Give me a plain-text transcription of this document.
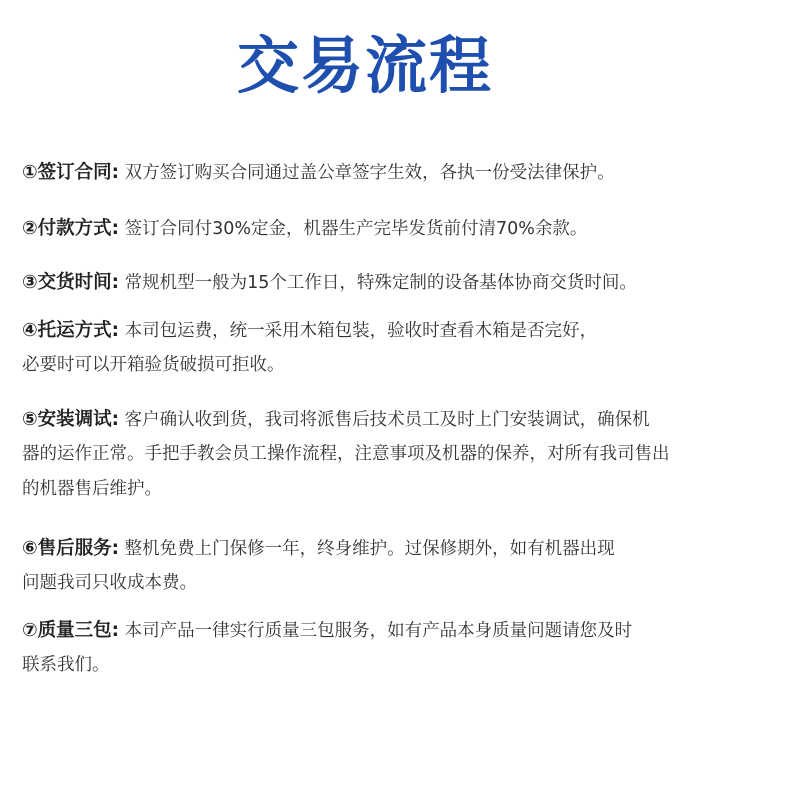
交易流程
①签订合同: 双方签订购买合同通过盖公章签字生效，各执一份受法律保护。
②付款方式: 签订合同付30%定金，机器生产完毕发货前付清70%余款。
③交货时间: 常规机型一般为15个工作日，特殊定制的设备基体协商交货时间。
④托运方式: 本司包运费，统一采用木箱包装，验收时查看木箱是否完好，
必要时可以开箱验货破损可拒收。
⑤安装调试: 客户确认收到货，我司将派售后技术员工及时上门安装调试，确保机
器的运作正常。手把手教会员工操作流程，注意事项及机器的保养，对所有我司售出
的机器售后维护。
⑥售后服务: 整机免费上门保修一年，终身维护。过保修期外，如有机器出现
问题我司只收成本费。
⑦质量三包: 本司产品一律实行质量三包服务，如有产品本身质量问题请您及时
联系我们。
